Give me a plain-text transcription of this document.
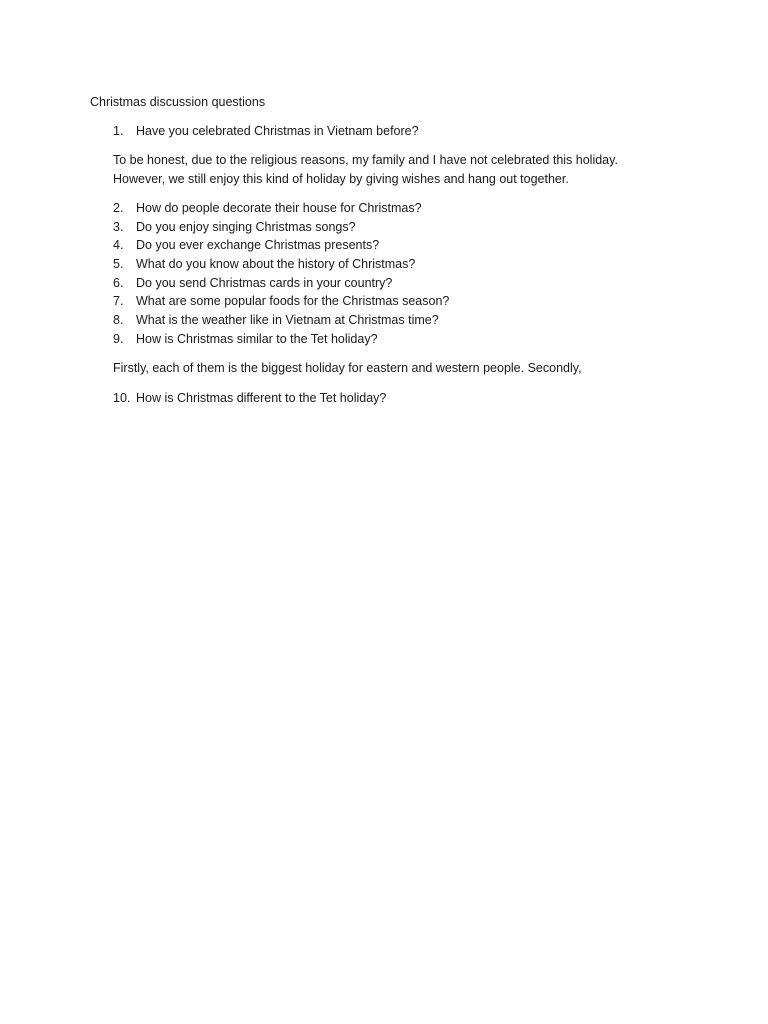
Christmas discussion questions
1. Have you celebrated Christmas in Vietnam before?
To be honest, due to the religious reasons, my family and I have not celebrated this holiday.
However, we still enjoy this kind of holiday by giving wishes and hang out together.
2. How do people decorate their house for Christmas?
3. Do you enjoy singing Christmas songs?
4. Do you ever exchange Christmas presents?
5. What do you know about the history of Christmas?
6. Do you send Christmas cards in your country?
7. What are some popular foods for the Christmas season?
8. What is the weather like in Vietnam at Christmas time?
9. How is Christmas similar to the Tet holiday?
Firstly, each of them is the biggest holiday for eastern and western people. Secondly,
10. How is Christmas different to the Tet holiday?
